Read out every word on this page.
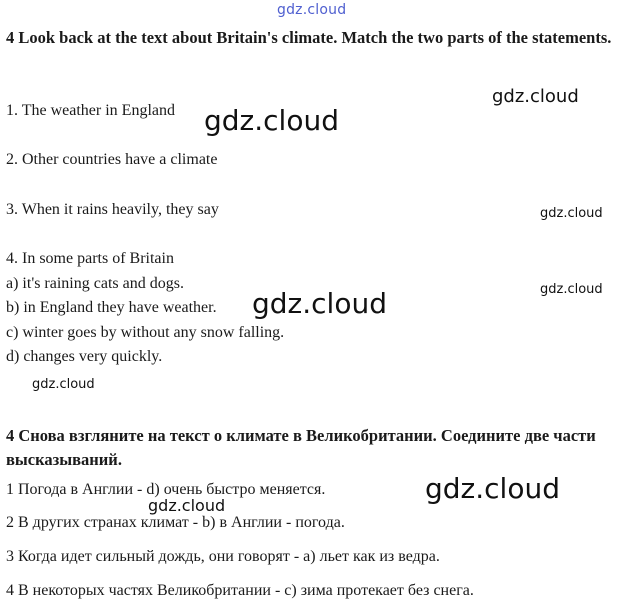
gdz.cloud
4 Look back at the text about Britain's climate. Match the two parts of the statements.
1. The weather in England
2. Other countries have a climate
3. When it rains heavily, they say
4. In some parts of Britain
a) it's raining cats and dogs.
b) in England they have weather.
c) winter goes by without any snow falling.
d) changes very quickly.
4 Снова взгляните на текст о климате в Великобритании. Соедините две части высказываний.
1 Погода в Англии - d) очень быстро меняется.
2 В других странах климат - b) в Англии - погода.
3 Когда идет сильный дождь, они говорят - а) льет как из ведра.
4 В некоторых частях Великобритании - с) зима протекает без снега.
gdz.cloud
gdz.cloud
gdz.cloud
gdz.cloud
gdz.cloud
gdz.cloud
gdz.cloud
gdz.cloud
